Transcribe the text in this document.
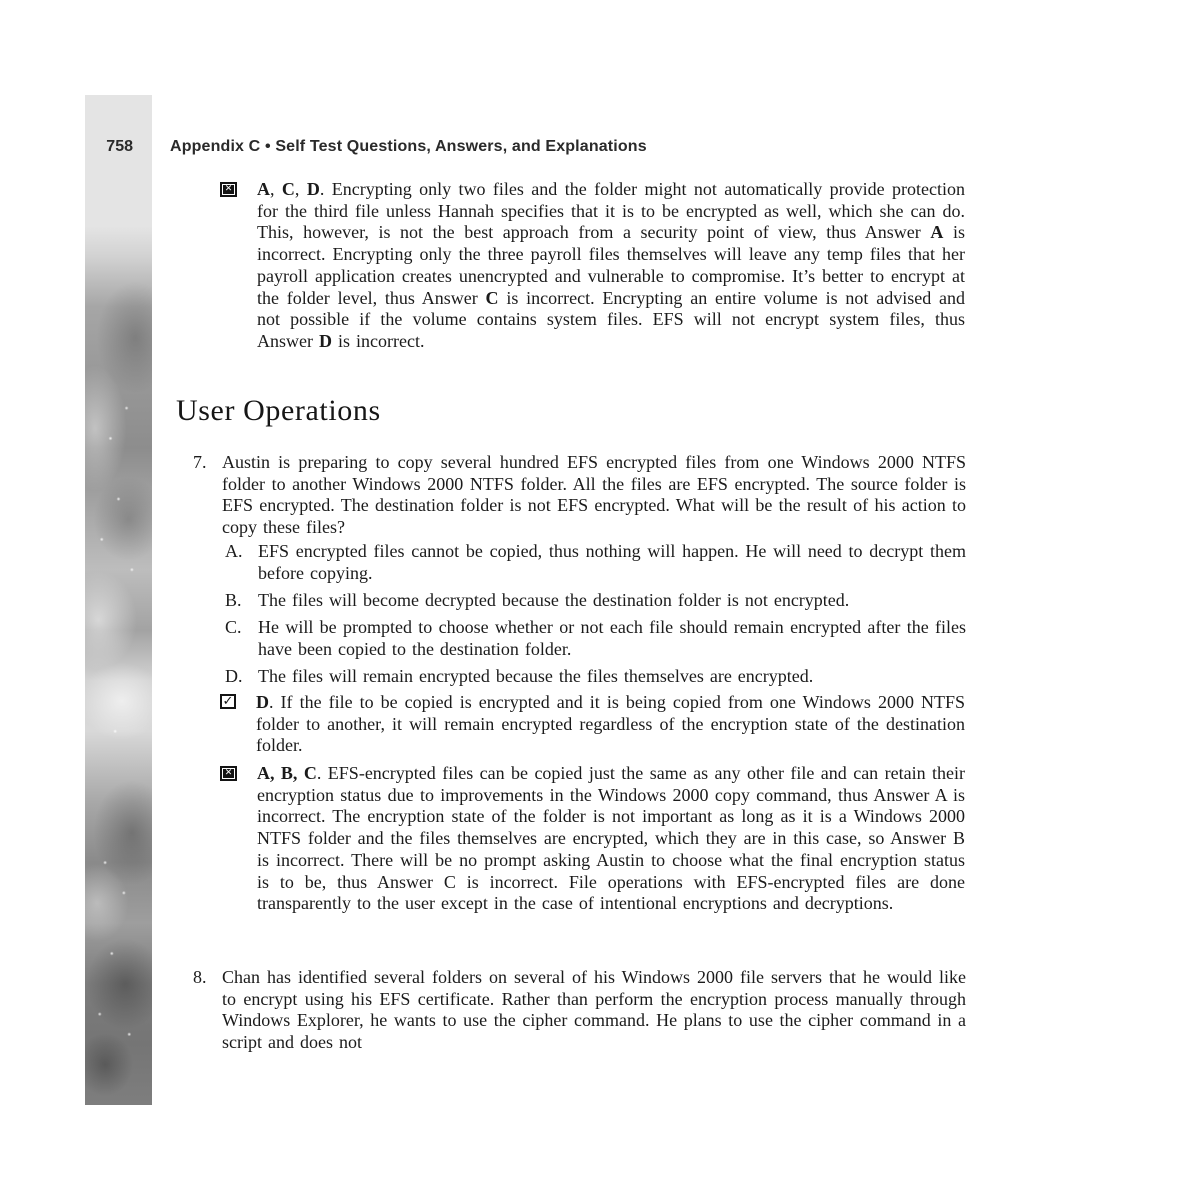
758	Appendix C • Self Test Questions, Answers, and Explanations
✕ A, C, D. Encrypting only two files and the folder might not automatically provide protection for the third file unless Hannah specifies that it is to be encrypted as well, which she can do. This, however, is not the best approach from a security point of view, thus Answer A is incorrect. Encrypting only the three payroll files themselves will leave any temp files that her payroll application creates unencrypted and vulnerable to compromise. It’s better to encrypt at the folder level, thus Answer C is incorrect. Encrypting an entire volume is not advised and not possible if the volume contains system files. EFS will not encrypt system files, thus Answer D is incorrect.
User Operations
7. Austin is preparing to copy several hundred EFS encrypted files from one Windows 2000 NTFS folder to another Windows 2000 NTFS folder. All the files are EFS encrypted. The source folder is EFS encrypted. The destination folder is not EFS encrypted. What will be the result of his action to copy these files?
A. EFS encrypted files cannot be copied, thus nothing will happen. He will need to decrypt them before copying.
B. The files will become decrypted because the destination folder is not encrypted.
C. He will be prompted to choose whether or not each file should remain encrypted after the files have been copied to the destination folder.
D. The files will remain encrypted because the files themselves are encrypted.
✓ D. If the file to be copied is encrypted and it is being copied from one Windows 2000 NTFS folder to another, it will remain encrypted regardless of the encryption state of the destination folder.
✕ A, B, C. EFS-encrypted files can be copied just the same as any other file and can retain their encryption status due to improvements in the Windows 2000 copy command, thus Answer A is incorrect. The encryption state of the folder is not important as long as it is a Windows 2000 NTFS folder and the files themselves are encrypted, which they are in this case, so Answer B is incorrect. There will be no prompt asking Austin to choose what the final encryption status is to be, thus Answer C is incorrect. File operations with EFS-encrypted files are done transparently to the user except in the case of intentional encryptions and decryptions.
8. Chan has identified several folders on several of his Windows 2000 file servers that he would like to encrypt using his EFS certificate. Rather than perform the encryption process manually through Windows Explorer, he wants to use the cipher command. He plans to use the cipher command in a script and does not
